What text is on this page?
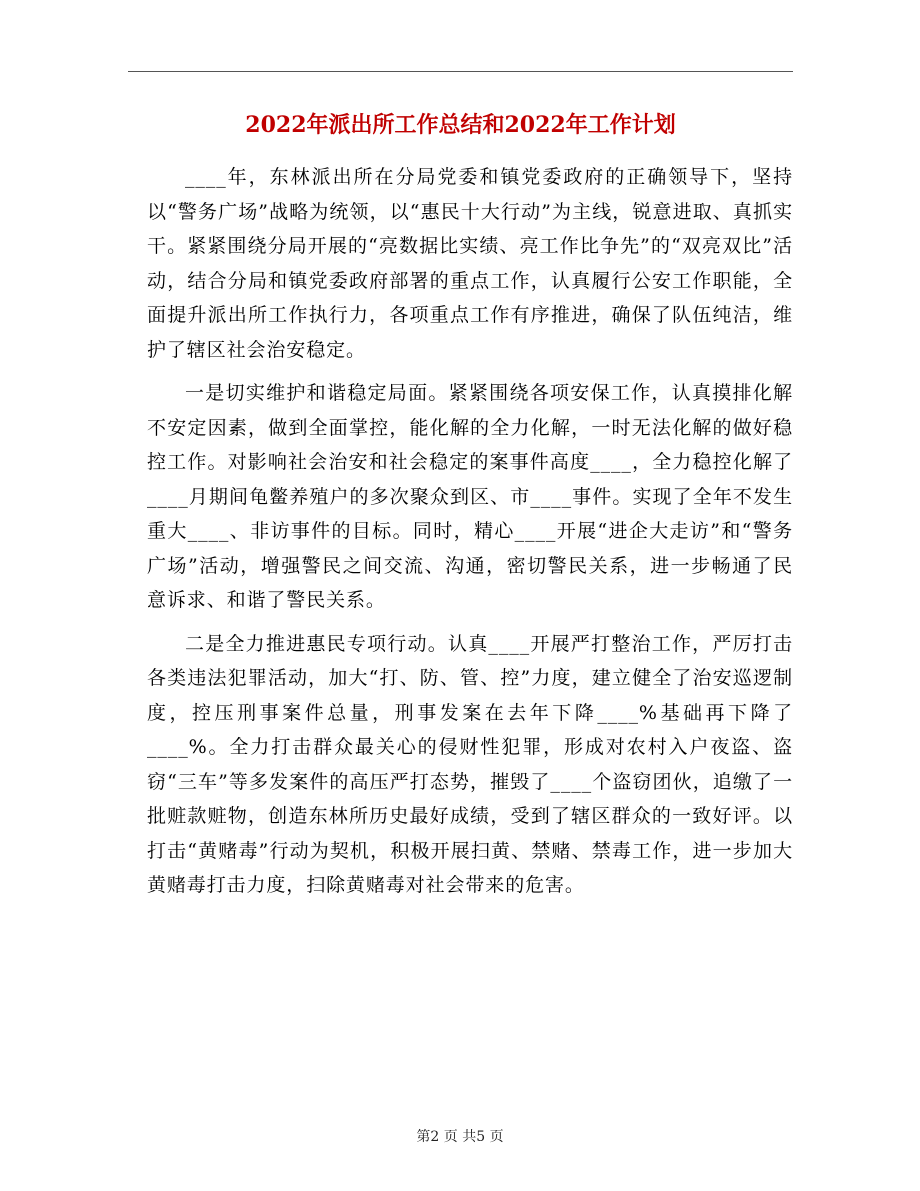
2022年派出所工作总结和2022年工作计划

____年，东林派出所在分局党委和镇党委政府的正确领导下，坚持以“警务广场”战略为统领，以“惠民十大行动”为主线，锐意进取、真抓实干。紧紧围绕分局开展的“亮数据比实绩、亮工作比争先”的“双亮双比”活动，结合分局和镇党委政府部署的重点工作，认真履行公安工作职能，全面提升派出所工作执行力，各项重点工作有序推进，确保了队伍纯洁，维护了辖区社会治安稳定。

一是切实维护和谐稳定局面。紧紧围绕各项安保工作，认真摸排化解不安定因素，做到全面掌控，能化解的全力化解，一时无法化解的做好稳控工作。对影响社会治安和社会稳定的案事件高度____，全力稳控化解了____月期间龟鳖养殖户的多次聚众到区、市____事件。实现了全年不发生重大____、非访事件的目标。同时，精心____开展“进企大走访”和“警务广场”活动，增强警民之间交流、沟通，密切警民关系，进一步畅通了民意诉求、和谐了警民关系。

二是全力推进惠民专项行动。认真____开展严打整治工作，严厉打击各类违法犯罪活动，加大“打、防、管、控”力度，建立健全了治安巡逻制度，控压刑事案件总量，刑事发案在去年下降____%基础再下降了____%。全力打击群众最关心的侵财性犯罪，形成对农村入户夜盗、盗窃“三车”等多发案件的高压严打态势，摧毁了____个盗窃团伙，追缴了一批赃款赃物，创造东林所历史最好成绩，受到了辖区群众的一致好评。以打击“黄赌毒”行动为契机，积极开展扫黄、禁赌、禁毒工作，进一步加大黄赌毒打击力度，扫除黄赌毒对社会带来的危害。

第2 页 共5 页
